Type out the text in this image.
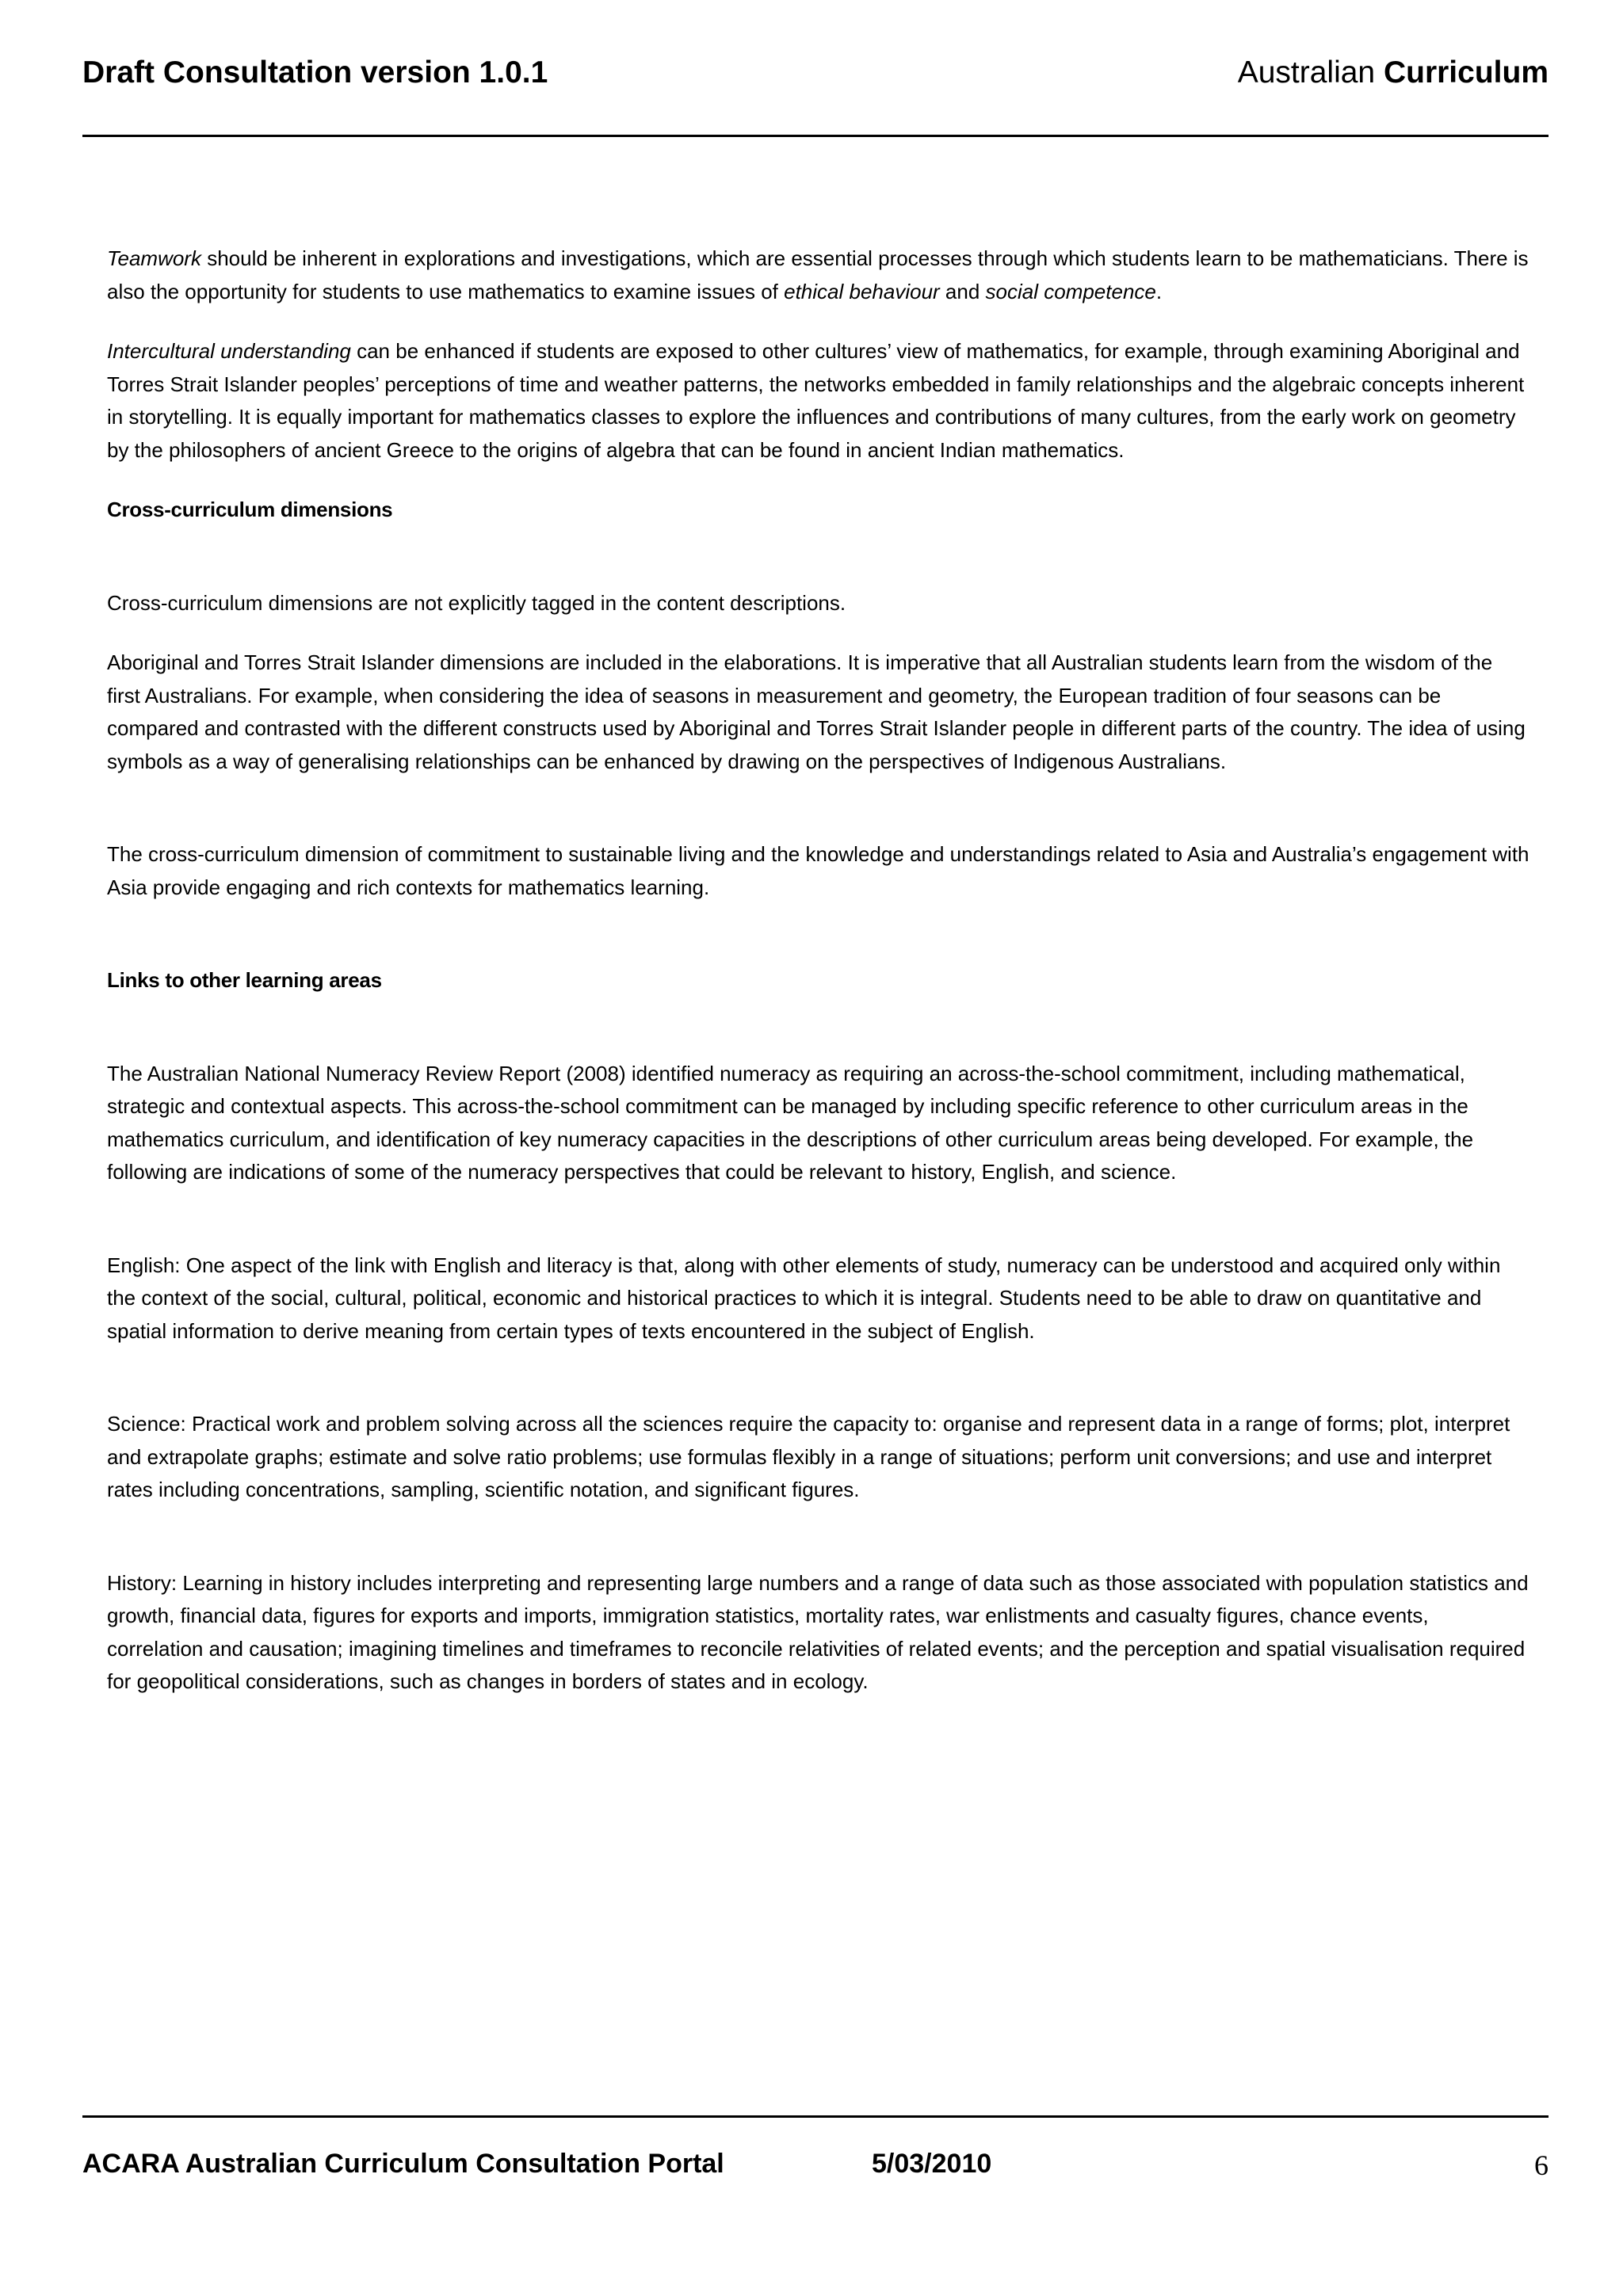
Draft Consultation version 1.0.1	Australian Curriculum

Teamwork should be inherent in explorations and investigations, which are essential processes through which students learn to be mathematicians. There is also the opportunity for students to use mathematics to examine issues of ethical behaviour and social competence.

Intercultural understanding can be enhanced if students are exposed to other cultures’ view of mathematics, for example, through examining Aboriginal and Torres Strait Islander peoples’ perceptions of time and weather patterns, the networks embedded in family relationships and the algebraic concepts inherent in storytelling. It is equally important for mathematics classes to explore the influences and contributions of many cultures, from the early work on geometry by the philosophers of ancient Greece to the origins of algebra that can be found in ancient Indian mathematics.

Cross-curriculum dimensions

Cross-curriculum dimensions are not explicitly tagged in the content descriptions.

Aboriginal and Torres Strait Islander dimensions are included in the elaborations. It is imperative that all Australian students learn from the wisdom of the first Australians. For example, when considering the idea of seasons in measurement and geometry, the European tradition of four seasons can be compared and contrasted with the different constructs used by Aboriginal and Torres Strait Islander people in different parts of the country. The idea of using symbols as a way of generalising relationships can be enhanced by drawing on the perspectives of Indigenous Australians.

The cross-curriculum dimension of commitment to sustainable living and the knowledge and understandings related to Asia and Australia’s engagement with Asia provide engaging and rich contexts for mathematics learning.

Links to other learning areas

The Australian National Numeracy Review Report (2008) identified numeracy as requiring an across-the-school commitment, including mathematical, strategic and contextual aspects. This across-the-school commitment can be managed by including specific reference to other curriculum areas in the mathematics curriculum, and identification of key numeracy capacities in the descriptions of other curriculum areas being developed. For example, the following are indications of some of the numeracy perspectives that could be relevant to history, English, and science.

English: One aspect of the link with English and literacy is that, along with other elements of study, numeracy can be understood and acquired only within the context of the social, cultural, political, economic and historical practices to which it is integral. Students need to be able to draw on quantitative and spatial information to derive meaning from certain types of texts encountered in the subject of English.

Science: Practical work and problem solving across all the sciences require the capacity to: organise and represent data in a range of forms; plot, interpret and extrapolate graphs; estimate and solve ratio problems; use formulas flexibly in a range of situations; perform unit conversions; and use and interpret rates including concentrations, sampling, scientific notation, and significant figures.

History: Learning in history includes interpreting and representing large numbers and a range of data such as those associated with population statistics and growth, financial data, figures for exports and imports, immigration statistics, mortality rates, war enlistments and casualty figures, chance events, correlation and causation; imagining timelines and timeframes to reconcile relativities of related events; and the perception and spatial visualisation required for geopolitical considerations, such as changes in borders of states and in ecology.

ACARA Australian Curriculum Consultation Portal	5/03/2010	6
